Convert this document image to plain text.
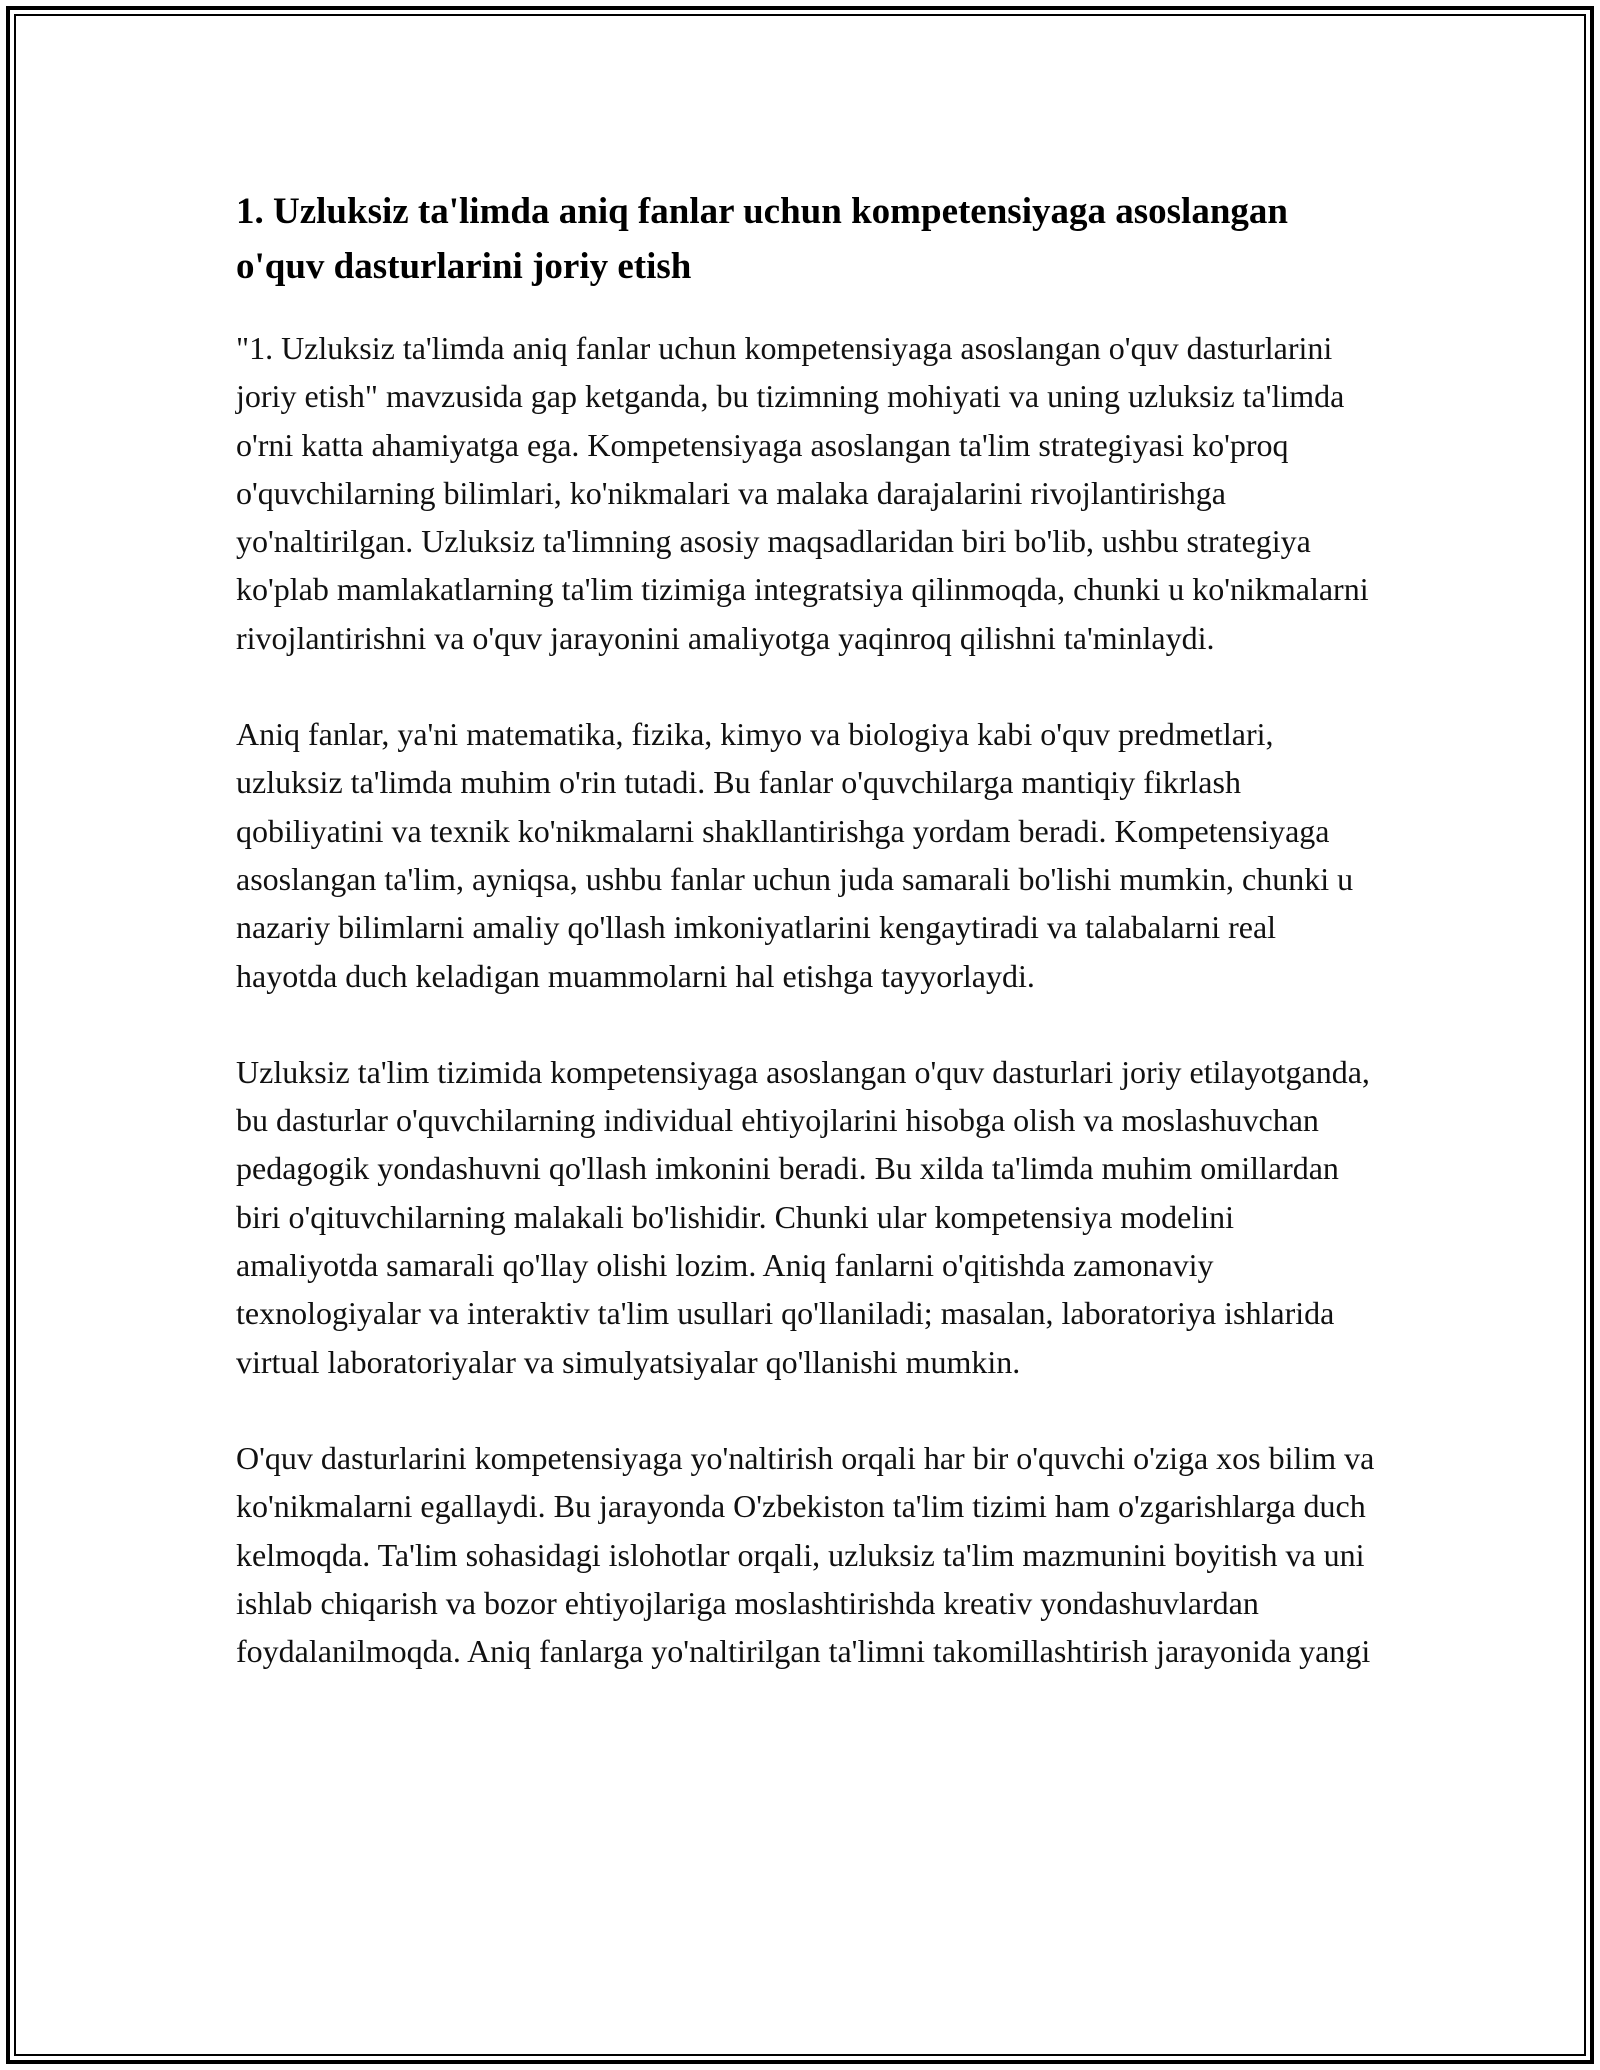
1. Uzluksiz ta'limda aniq fanlar uchun kompetensiyaga asoslangan o'quv dasturlarini joriy etish

"1. Uzluksiz ta'limda aniq fanlar uchun kompetensiyaga asoslangan o'quv dasturlarini joriy etish" mavzusida gap ketganda, bu tizimning mohiyati va uning uzluksiz ta'limda o'rni katta ahamiyatga ega. Kompetensiyaga asoslangan ta'lim strategiyasi ko'proq o'quvchilarning bilimlari, ko'nikmalari va malaka darajalarini rivojlantirishga yo'naltirilgan. Uzluksiz ta'limning asosiy maqsadlaridan biri bo'lib, ushbu strategiya ko'plab mamlakatlarning ta'lim tizimiga integratsiya qilinmoqda, chunki u ko'nikmalarni rivojlantirishni va o'quv jarayonini amaliyotga yaqinroq qilishni ta'minlaydi.

Aniq fanlar, ya'ni matematika, fizika, kimyo va biologiya kabi o'quv predmetlari, uzluksiz ta'limda muhim o'rin tutadi. Bu fanlar o'quvchilarga mantiqiy fikrlash qobiliyatini va texnik ko'nikmalarni shakllantirishga yordam beradi. Kompetensiyaga asoslangan ta'lim, ayniqsa, ushbu fanlar uchun juda samarali bo'lishi mumkin, chunki u nazariy bilimlarni amaliy qo'llash imkoniyatlarini kengaytiradi va talabalarni real hayotda duch keladigan muammolarni hal etishga tayyorlaydi.

Uzluksiz ta'lim tizimida kompetensiyaga asoslangan o'quv dasturlari joriy etilayotganda, bu dasturlar o'quvchilarning individual ehtiyojlarini hisobga olish va moslashuvchan pedagogik yondashuvni qo'llash imkonini beradi. Bu xilda ta'limda muhim omillardan biri o'qituvchilarning malakali bo'lishidir. Chunki ular kompetensiya modelini amaliyotda samarali qo'llay olishi lozim. Aniq fanlarni o'qitishda zamonaviy texnologiyalar va interaktiv ta'lim usullari qo'llaniladi; masalan, laboratoriya ishlarida virtual laboratoriyalar va simulyatsiyalar qo'llanishi mumkin.

O'quv dasturlarini kompetensiyaga yo'naltirish orqali har bir o'quvchi o'ziga xos bilim va ko'nikmalarni egallaydi. Bu jarayonda O'zbekiston ta'lim tizimi ham o'zgarishlarga duch kelmoqda. Ta'lim sohasidagi islohotlar orqali, uzluksiz ta'lim mazmunini boyitish va uni ishlab chiqarish va bozor ehtiyojlariga moslashtirishda kreativ yondashuvlardan foydalanilmoqda. Aniq fanlarga yo'naltirilgan ta'limni takomillashtirish jarayonida yangi
